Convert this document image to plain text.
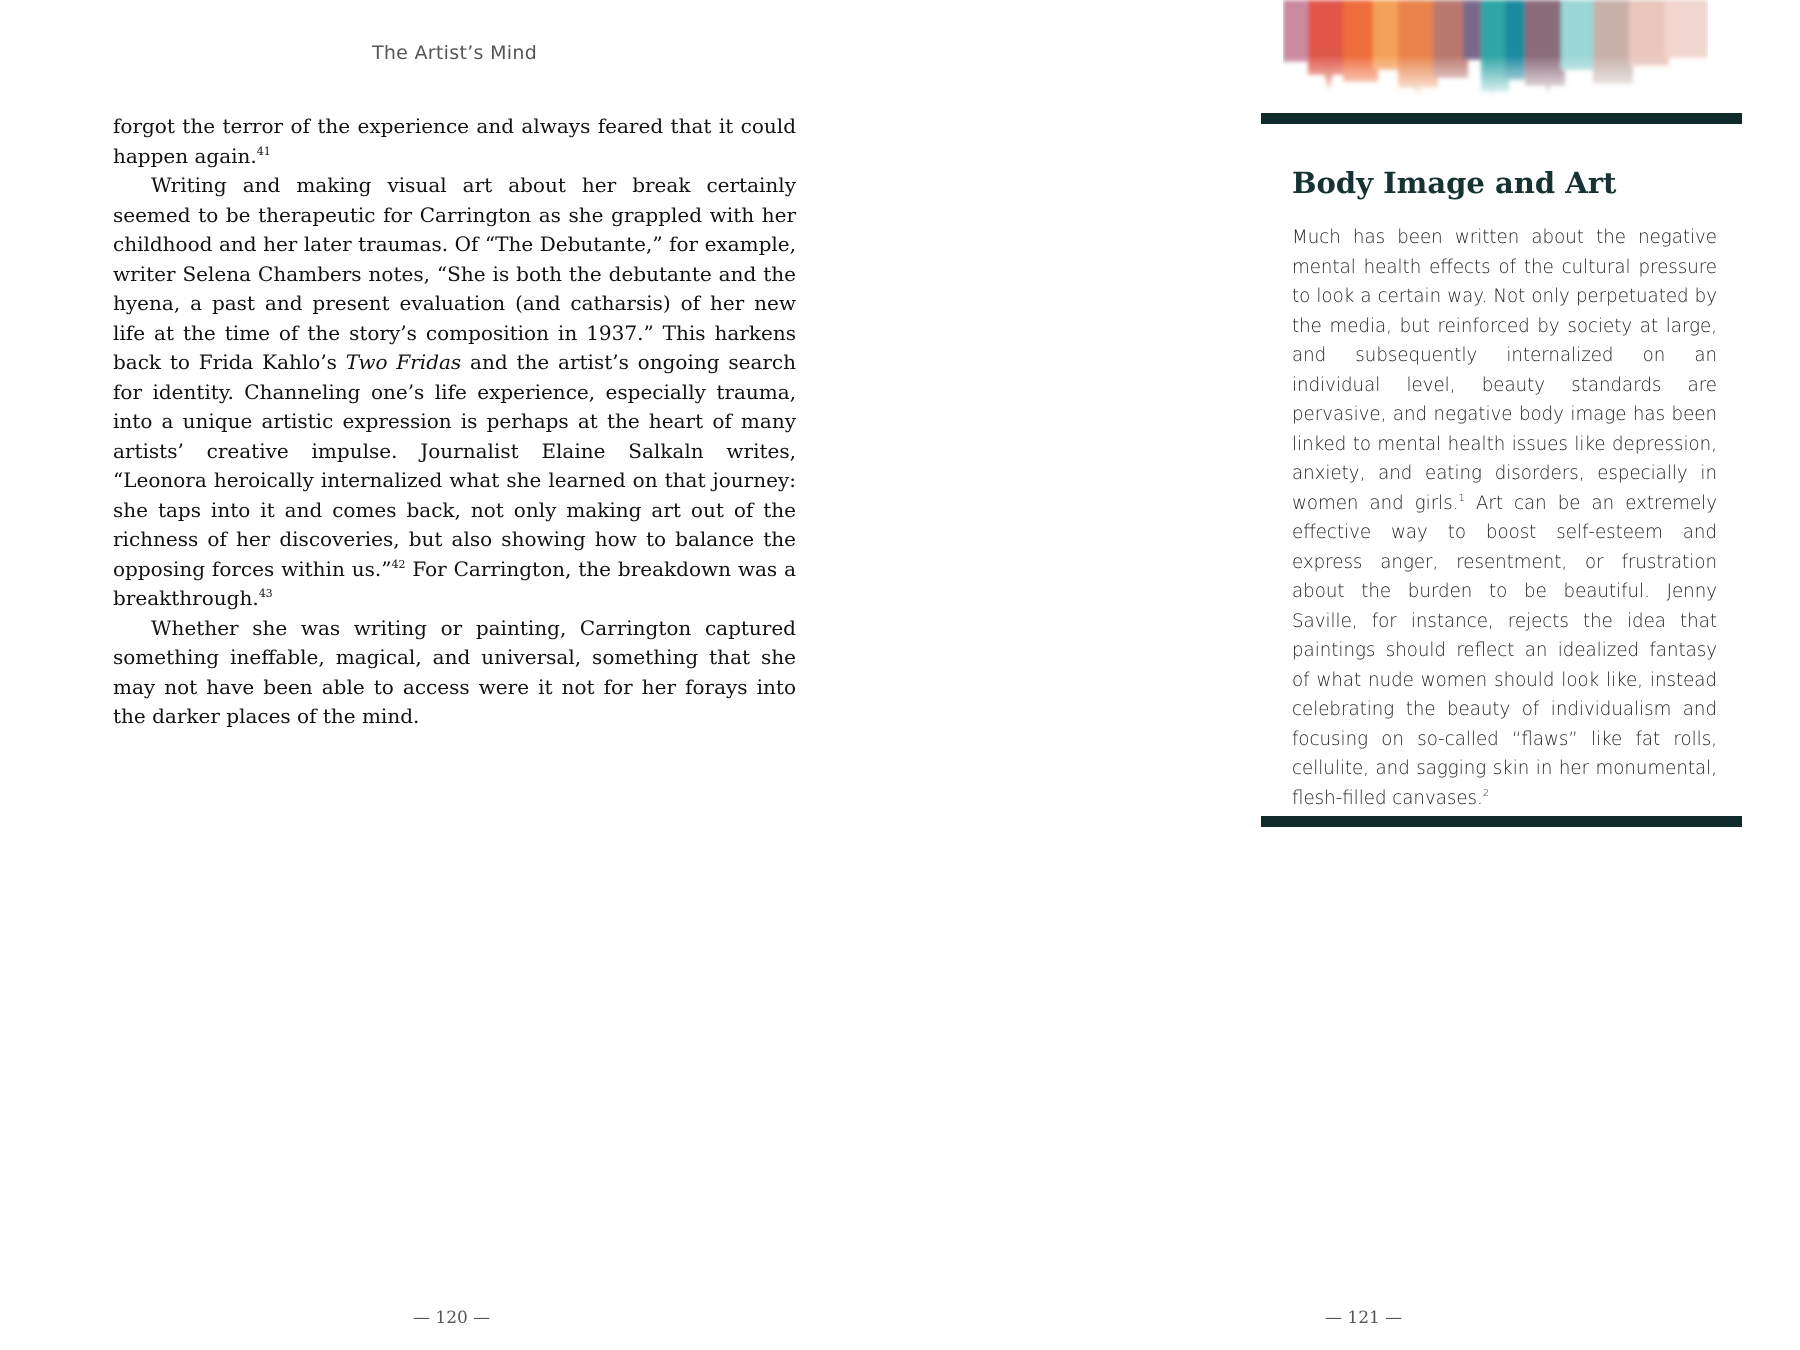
The Artist’s Mind

forgot the terror of the experience and always feared that it could happen again.$^{41}$

Writing and making visual art about her break certainly seemed to be therapeutic for Carrington as she grappled with her childhood and her later traumas. Of “The Debutante,” for example, writer Selena Chambers notes, “She is both the debutante and the hyena, a past and present evaluation (and catharsis) of her new life at the time of the story’s composition in 1937.” This harkens back to Frida Kahlo’s Two Fridas and the artist’s ongoing search for identity. Channeling one’s life experience, especially trauma, into a unique artistic expression is perhaps at the heart of many artists’ creative impulse. Journalist Elaine Salkaln writes, “Leonora heroically internalized what she learned on that journey: she taps into it and comes back, not only making art out of the richness of her discoveries, but also showing how to balance the opposing forces within us.”$^{42}$ For Carrington, the breakdown was a breakthrough.$^{43}$

Whether she was writing or painting, Carrington captured something ineffable, magical, and universal, something that she may not have been able to access were it not for her forays into the darker places of the mind.

— 120 —
Body Image and Art

Much has been written about the negative mental health effects of the cultural pressure to look a certain way. Not only perpetuated by the media, but reinforced by society at large, and subsequently internalized on an individual level, beauty standards are pervasive, and negative body image has been linked to mental health issues like depression, anxiety, and eating disorders, especially in women and girls.$^1$ Art can be an extremely effective way to boost self-esteem and express anger, resentment, or frustration about the burden to be beautiful. Jenny Saville, for instance, rejects the idea that paintings should reflect an idealized fantasy of what nude women should look like, instead celebrating the beauty of individualism and focusing on so-called “flaws” like fat rolls, cellulite, and sagging skin in her monumental, flesh-filled canvases.$^2$

— 121 —
